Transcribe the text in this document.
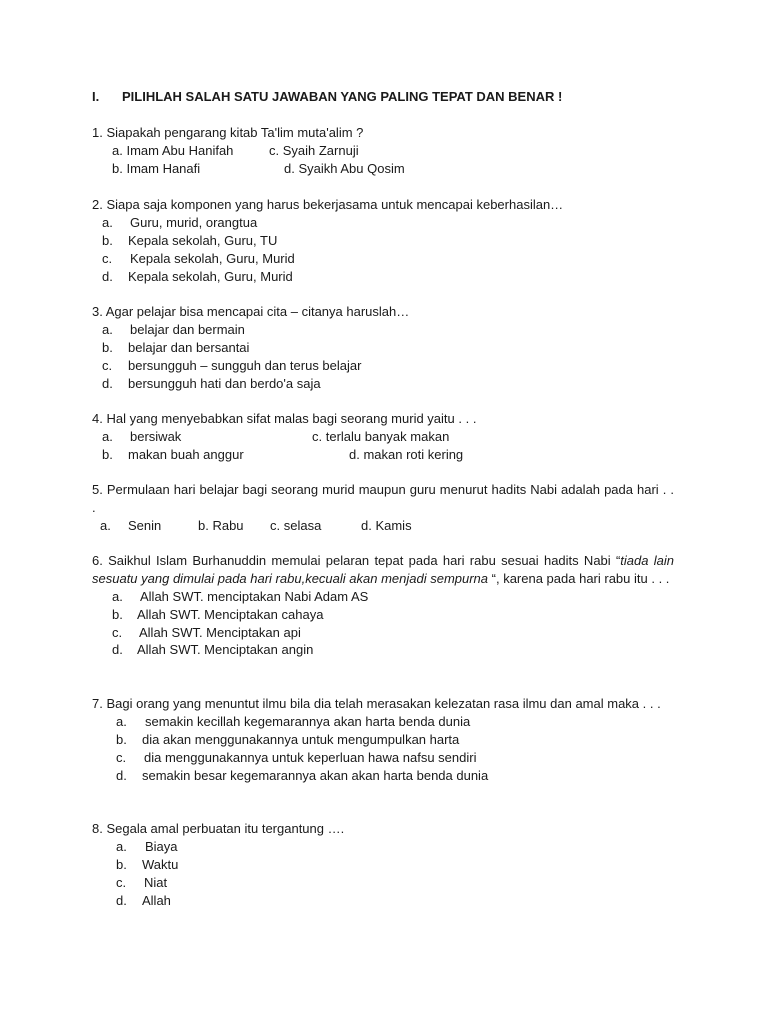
I. PILIHLAH SALAH SATU JAWABAN YANG PALING TEPAT DAN BENAR !
1. Siapakah pengarang kitab Ta'lim muta'alim ?
a. Imam Abu Hanifah	c. Syaih Zarnuji
b. Imam Hanafi	d. Syaikh Abu Qosim
2. Siapa saja komponen yang harus bekerjasama untuk mencapai keberhasilan…
a. Guru, murid, orangtua
b. Kepala sekolah, Guru, TU
c. Kepala sekolah, Guru, Murid
d. Kepala sekolah, Guru, Murid
3. Agar pelajar bisa mencapai cita – citanya haruslah…
a. belajar dan bermain
b. belajar dan bersantai
c. bersungguh – sungguh dan terus belajar
d. bersungguh hati dan berdo'a saja
4. Hal yang menyebabkan sifat malas bagi seorang murid yaitu . . .
a. bersiwak	c. terlalu banyak makan
b. makan buah anggur	d. makan roti kering
5. Permulaan hari belajar bagi seorang murid maupun guru menurut hadits Nabi adalah pada hari . . .
a. Senin	b. Rabu c. selasa	d. Kamis
6. Saikhul Islam Burhanuddin memulai pelaran tepat pada hari rabu sesuai hadits Nabi “tiada lain sesuatu yang dimulai pada hari rabu,kecuali akan menjadi sempurna “, karena pada hari rabu itu . . .
a. Allah SWT. menciptakan Nabi Adam AS
b. Allah SWT. Menciptakan cahaya
c. Allah SWT. Menciptakan api
d. Allah SWT. Menciptakan angin
7. Bagi orang yang menuntut ilmu bila dia telah merasakan kelezatan rasa ilmu dan amal maka . . .
a. semakin kecillah kegemarannya akan harta benda dunia
b. dia akan menggunakannya untuk mengumpulkan harta
c. dia menggunakannya untuk keperluan hawa nafsu sendiri
d. semakin besar kegemarannya akan akan harta benda dunia
8. Segala amal perbuatan itu tergantung ….
a. Biaya
b. Waktu
c. Niat
d. Allah
